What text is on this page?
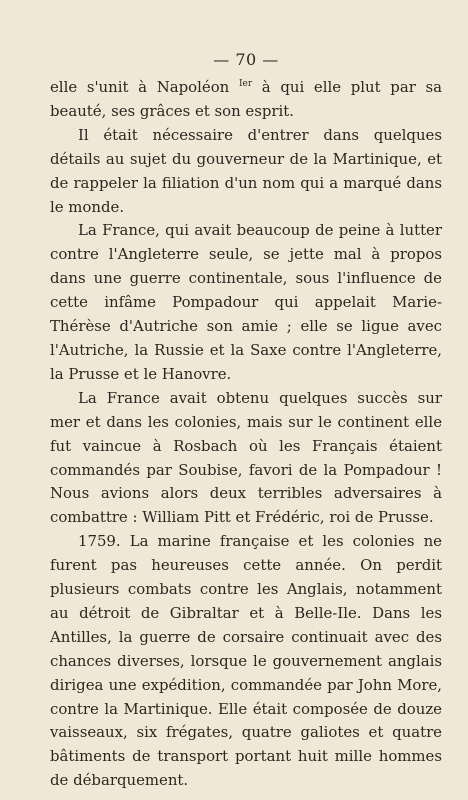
— 70 —

elle s'unit à Napoléon $^{Ier}$ à qui elle plut par sa beauté, ses grâces et son esprit.

Il était nécessaire d'entrer dans quelques détails au sujet du gouverneur de la Martinique, et de rappeler la filiation d'un nom qui a marqué dans le monde.

La France, qui avait beaucoup de peine à lutter contre l'Angleterre seule, se jette mal à propos dans une guerre continentale, sous l'influence de cette infâme Pompadour qui appelait Marie-Thérèse d'Autriche son amie ; elle se ligue avec l'Autriche, la Russie et la Saxe contre l'Angleterre, la Prusse et le Hanovre.

La France avait obtenu quelques succès sur mer et dans les colonies, mais sur le continent elle fut vaincue à Rosbach où les Français étaient commandés par Soubise, favori de la Pompadour ! Nous avions alors deux terribles adversaires à combattre : William Pitt et Frédéric, roi de Prusse.

1759. La marine française et les colonies ne furent pas heureuses cette année. On perdit plusieurs combats contre les Anglais, notamment au détroit de Gibraltar et à Belle-Ile. Dans les Antilles, la guerre de corsaire continuait avec des chances diverses, lorsque le gouvernement anglais dirigea une expédition, commandée par John More, contre la Martinique. Elle était composée de douze vaisseaux, six frégates, quatre galiotes et quatre bâtiments de transport portant huit mille hommes de débarquement.
